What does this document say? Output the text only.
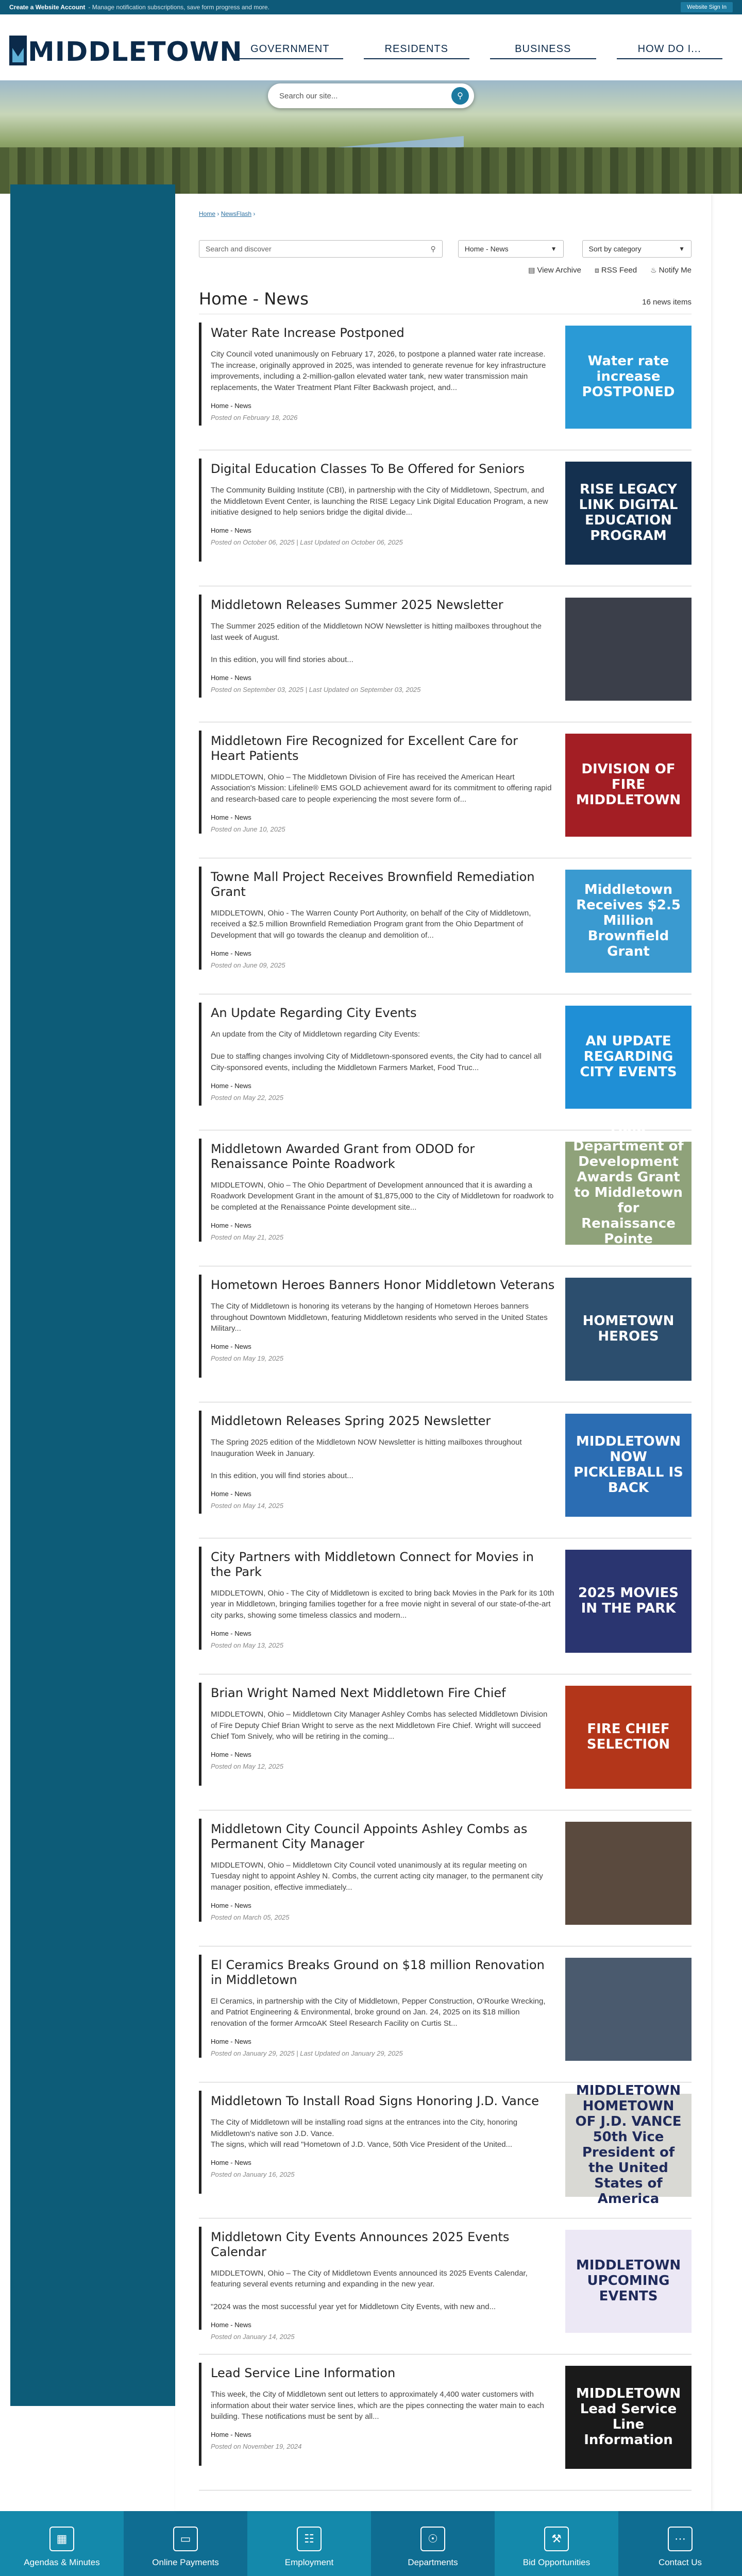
Create a Website Account - Manage notification subscriptions, save form progress and more.	Website Sign In
MIDDLETOWN GOVERNMENT	RESIDENTS	BUSINESS	HOW DO I...
Search our site...	⚲
Home › NewsFlash ›
Search and discover	⚲	Home - News	▼	Sort by category	▼
▤ View Archive ⧈ RSS Feed ♨ Notify Me
Home - News	16 news items
Water Rate Increase Postponed

City Council voted unanimously on February 17, 2026, to postpone a planned water rate increase. The increase, originally approved in 2025, was intended to generate revenue for key infrastructure improvements, including a 2-million-gallon elevated water tank, new water transmission main replacements, the Water Treatment Plant Filter Backwash project, and...

Home - News
Posted on February 18, 2026
Water rate increase POSTPONED
Digital Education Classes To Be Offered for Seniors

The Community Building Institute (CBI), in partnership with the City of Middletown, Spectrum, and the Middletown Event Center, is launching the RISE Legacy Link Digital Education Program, a new initiative designed to help seniors bridge the digital divide...

Home - News
Posted on October 06, 2025 | Last Updated on October 06, 2025
RISE LEGACY LINK DIGITAL EDUCATION PROGRAM
Middletown Releases Summer 2025 Newsletter

The Summer 2025 edition of the Middletown NOW Newsletter is hitting mailboxes throughout the last week of August.

In this edition, you will find stories about...

Home - News
Posted on September 03, 2025 | Last Updated on September 03, 2025
Middletown Fire Recognized for Excellent Care for Heart Patients

MIDDLETOWN, Ohio – The Middletown Division of Fire has received the American Heart Association's Mission: Lifeline® EMS GOLD achievement award for its commitment to offering rapid and research-based care to people experiencing the most severe form of...

Home - News
Posted on June 10, 2025
DIVISION OF FIRE MIDDLETOWN
Towne Mall Project Receives Brownfield Remediation Grant

MIDDLETOWN, Ohio - The Warren County Port Authority, on behalf of the City of Middletown, received a $2.5 million Brownfield Remediation Program grant from the Ohio Department of Development that will go towards the cleanup and demolition of...

Home - News
Posted on June 09, 2025
Middletown Receives $2.5 Million Brownfield Grant
An Update Regarding City Events

An update from the City of Middletown regarding City Events:

Due to staffing changes involving City of Middletown-sponsored events, the City had to cancel all City-sponsored events, including the Middletown Farmers Market, Food Truc...

Home - News
Posted on May 22, 2025
AN UPDATE REGARDING CITY EVENTS
Middletown Awarded Grant from ODOD for Renaissance Pointe Roadwork

MIDDLETOWN, Ohio – The Ohio Department of Development announced that it is awarding a Roadwork Development Grant in the amount of $1,875,000 to the City of Middletown for roadwork to be completed at the Renaissance Pointe development site...

Home - News
Posted on May 21, 2025
Ohio Department of Development Awards Grant to Middletown for Renaissance Pointe Roadwork
Hometown Heroes Banners Honor Middletown Veterans

The City of Middletown is honoring its veterans by the hanging of Hometown Heroes banners throughout Downtown Middletown, featuring Middletown residents who served in the United States Military...

Home - News
Posted on May 19, 2025
HOMETOWN HEROES
Middletown Releases Spring 2025 Newsletter

The Spring 2025 edition of the Middletown NOW Newsletter is hitting mailboxes throughout Inauguration Week in January.

In this edition, you will find stories about...

Home - News
Posted on May 14, 2025
MIDDLETOWN NOW PICKLEBALL IS BACK
City Partners with Middletown Connect for Movies in the Park

MIDDLETOWN, Ohio - The City of Middletown is excited to bring back Movies in the Park for its 10th year in Middletown, bringing families together for a free movie night in several of our state-of-the-art city parks, showing some timeless classics and modern...

Home - News
Posted on May 13, 2025
2025 MOVIES IN THE PARK
Brian Wright Named Next Middletown Fire Chief

MIDDLETOWN, Ohio – Middletown City Manager Ashley Combs has selected Middletown Division of Fire Deputy Chief Brian Wright to serve as the next Middletown Fire Chief. Wright will succeed Chief Tom Snively, who will be retiring in the coming...

Home - News
Posted on May 12, 2025
FIRE CHIEF SELECTION
Middletown City Council Appoints Ashley Combs as Permanent City Manager

MIDDLETOWN, Ohio – Middletown City Council voted unanimously at its regular meeting on Tuesday night to appoint Ashley N. Combs, the current acting city manager, to the permanent city manager position, effective immediately...

Home - News
Posted on March 05, 2025
El Ceramics Breaks Ground on $18 million Renovation in Middletown

El Ceramics, in partnership with the City of Middletown, Pepper Construction, O'Rourke Wrecking, and Patriot Engineering & Environmental, broke ground on Jan. 24, 2025 on its $18 million renovation of the former ArmcoAK Steel Research Facility on Curtis St...

Home - News
Posted on January 29, 2025 | Last Updated on January 29, 2025
Middletown To Install Road Signs Honoring J.D. Vance

The City of Middletown will be installing road signs at the entrances into the City, honoring Middletown's native son J.D. Vance.
The signs, which will read "Hometown of J.D. Vance, 50th Vice President of the United...

Home - News
Posted on January 16, 2025
MIDDLETOWN HOMETOWN OF J.D. VANCE 50th Vice President of the United States of America
Middletown City Events Announces 2025 Events Calendar

MIDDLETOWN, Ohio – The City of Middletown Events announced its 2025 Events Calendar, featuring several events returning and expanding in the new year.

"2024 was the most successful year yet for Middletown City Events, with new and...

Home - News
Posted on January 14, 2025
MIDDLETOWN UPCOMING EVENTS
Lead Service Line Information

This week, the City of Middletown sent out letters to approximately 4,400 water customers with information about their water service lines, which are the pipes connecting the water main to each building. These notifications must be sent by all...

Home - News
Posted on November 19, 2024
MIDDLETOWN Lead Service Line Information
▦
Agendas & Minutes
▭
Online Payments
☷
Employment
☉
Departments
⚒
Bid Opportunities
⋯
Contact Us
